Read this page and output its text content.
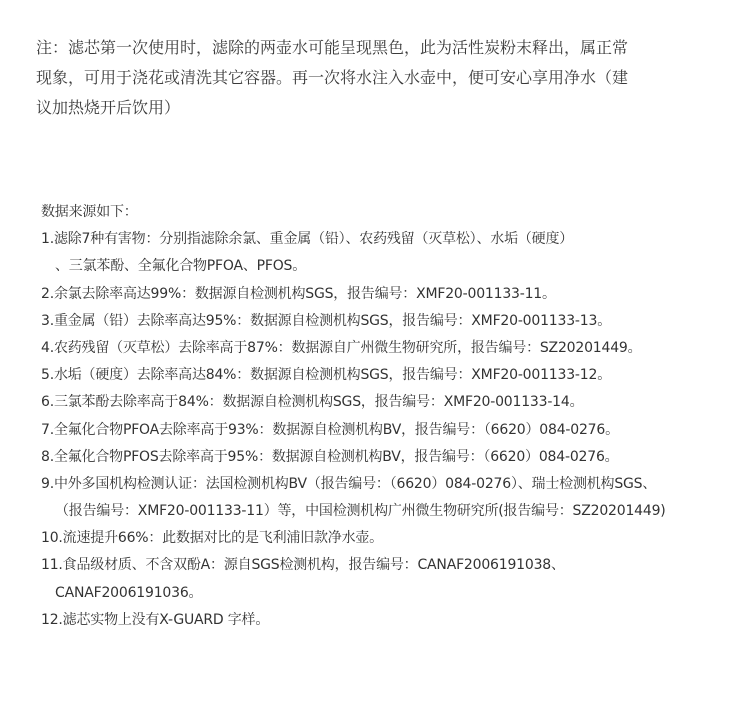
注：滤芯第一次使用时，滤除的两壶水可能呈现黑色，此为活性炭粉末释出，属正常

现象，可用于浇花或清洗其它容器。再一次将水注入水壶中，便可安心享用净水（建

议加热烧开后饮用）

数据来源如下：
1.滤除7种有害物：分别指滤除余氯、重金属（铅）、农药残留（灭草松）、水垢（硬度）
、三氯苯酚、全氟化合物PFOA、PFOS。
2.余氯去除率高达99%：数据源自检测机构SGS，报告编号：XMF20-001133-11。
3.重金属（铅）去除率高达95%：数据源自检测机构SGS，报告编号：XMF20-001133-13。
4.农药残留（灭草松）去除率高于87%：数据源自广州微生物研究所，报告编号：SZ20201449。
5.水垢（硬度）去除率高达84%：数据源自检测机构SGS，报告编号：XMF20-001133-12。
6.三氯苯酚去除率高于84%：数据源自检测机构SGS，报告编号：XMF20-001133-14。
7.全氟化合物PFOA去除率高于93%：数据源自检测机构BV，报告编号：（6620）084-0276。
8.全氟化合物PFOS去除率高于95%：数据源自检测机构BV，报告编号：（6620）084-0276。
9.中外多国机构检测认证：法国检测机构BV（报告编号：（6620）084-0276）、瑞士检测机构SGS、
（报告编号：XMF20-001133-11）等，中国检测机构广州微生物研究所(报告编号：SZ20201449)
10.流速提升66%：此数据对比的是飞利浦旧款净水壶。
11.食品级材质、不含双酚A：源自SGS检测机构，报告编号：CANAF2006191038、
CANAF2006191036。
12.滤芯实物上没有X-GUARD 字样。
